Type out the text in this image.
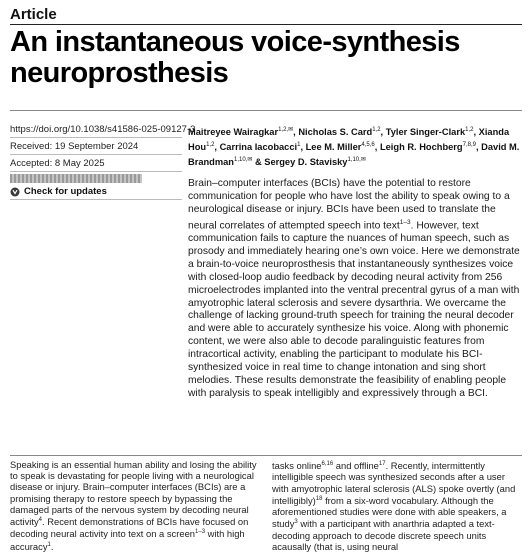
Article
An instantaneous voice-synthesis neuroprosthesis
https://doi.org/10.1038/s41586-025-09127-3
Received: 19 September 2024
Accepted: 8 May 2025
Check for updates
Maitreyee Wairagkar$^{1,2,✉}$, Nicholas S. Card$^{1,2}$, Tyler Singer-Clark$^{1,2}$, Xianda Hou$^{1,2}$, Carrina Iacobacci$^1$, Lee M. Miller$^{4,5,6}$, Leigh R. Hochberg$^{7,8,9}$, David M. Brandman$^{1,10,✉}$ & Sergey D. Stavisky$^{1,10,✉}$
Brain–computer interfaces (BCIs) have the potential to restore communication for people who have lost the ability to speak owing to a neurological disease or injury. BCIs have been used to translate the neural correlates of attempted speech into text$^{1-3}$. However, text communication fails to capture the nuances of human speech, such as prosody and immediately hearing one’s own voice. Here we demonstrate a brain-to-voice neuroprosthesis that instantaneously synthesizes voice with closed-loop audio feedback by decoding neural activity from 256 microelectrodes implanted into the ventral precentral gyrus of a man with amyotrophic lateral sclerosis and severe dysarthria. We overcame the challenge of lacking ground-truth speech for training the neural decoder and were able to accurately synthesize his voice. Along with phonemic content, we were also able to decode paralinguistic features from intracortical activity, enabling the participant to modulate his BCI-synthesized voice in real time to change intonation and sing short melodies. These results demonstrate the feasibility of enabling people with paralysis to speak intelligibly and expressively through a BCI.
Speaking is an essential human ability and losing the ability to speak is devastating for people living with a neurological disease or injury. Brain–computer interfaces (BCIs) are a promising therapy to restore speech by bypassing the damaged parts of the nervous system by decoding neural activity$^4$. Recent demonstrations of BCIs have focused on decoding neural activity into text on a screen$^{1-3}$ with high accuracy$^1$.
tasks online$^{6,16}$ and offline$^{17}$. Recently, intermittently intelligible speech was synthesized seconds after a user with amyotrophic lateral sclerosis (ALS) spoke overtly (and intelligibly)$^{18}$ from a six-word vocabulary. Although the aforementioned studies were done with able speakers, a study$^3$ with a participant with anarthria adapted a text-decoding approach to decode discrete speech units acausally (that is, using neural
